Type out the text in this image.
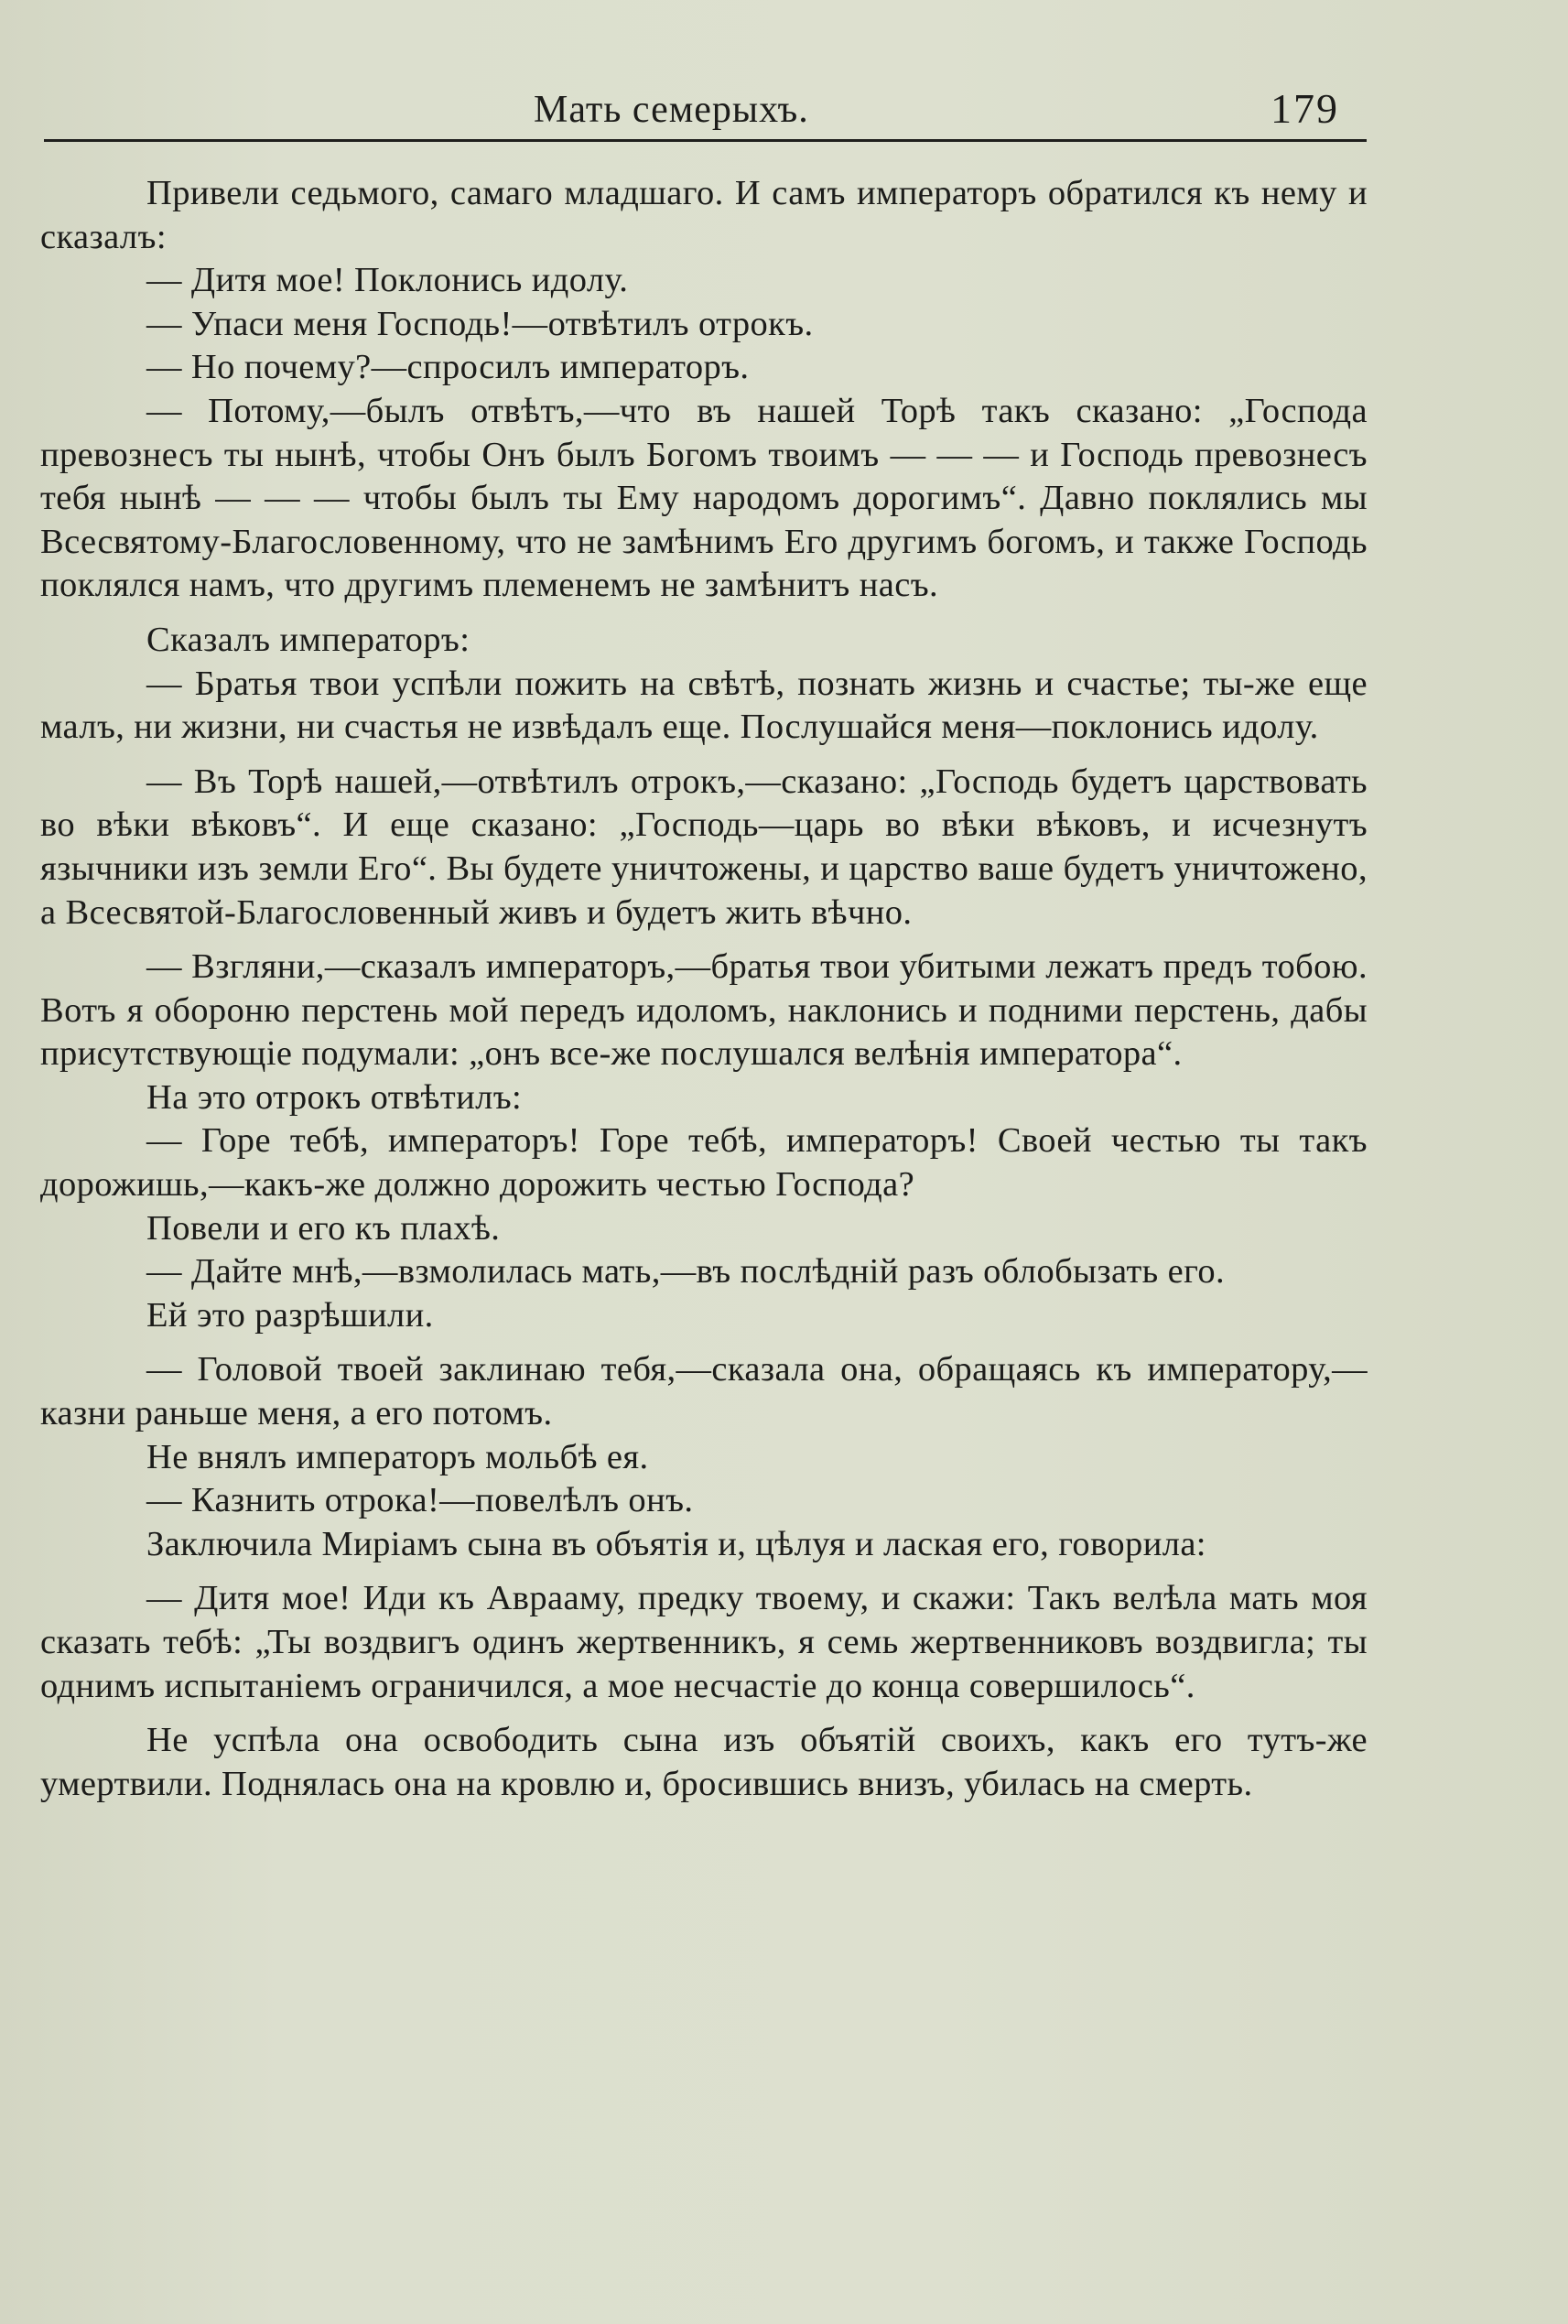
Мать семерыхъ.	179

Привели седьмого, самаго младшаго. И самъ императоръ обратился къ нему и сказалъ:

— Дитя мое! Поклонись идолу.

— Упаси меня Господь!—отвѣтилъ отрокъ.

— Но почему?—спросилъ императоръ.

— Потому,—былъ отвѣтъ,—что въ нашей Торѣ такъ сказано: „Господа превознесъ ты нынѣ, чтобы Онъ былъ Богомъ твоимъ — — — и Господь превознесъ тебя нынѣ — — — чтобы былъ ты Ему народомъ дорогимъ“. Давно поклялись мы Всесвятому-Благословенному, что не замѣнимъ Его другимъ богомъ, и также Господь поклялся намъ, что другимъ племенемъ не замѣнитъ насъ.

Сказалъ императоръ:

— Братья твои успѣли пожить на свѣтѣ, познать жизнь и счастье; ты-же еще малъ, ни жизни, ни счастья не извѣдалъ еще. Послушайся меня—поклонись идолу.

— Въ Торѣ нашей,—отвѣтилъ отрокъ,—сказано: „Господь будетъ царствовать во вѣки вѣковъ“. И еще сказано: „Господь—царь во вѣки вѣковъ, и исчезнутъ язычники изъ земли Его“. Вы будете уничтожены, и царство ваше будетъ уничтожено, а Всесвятой-Благословенный живъ и будетъ жить вѣчно.

— Взгляни,—сказалъ императоръ,—братья твои убитыми лежатъ предъ тобою. Вотъ я обороню перстень мой передъ идоломъ, наклонись и подними перстень, дабы присутствующіе подумали: „онъ все-же послушался велѣнія императора“.

На это отрокъ отвѣтилъ:

— Горе тебѣ, императоръ! Горе тебѣ, императоръ! Своей честью ты такъ дорожишь,—какъ-же должно дорожить честью Господа?

Повели и его къ плахѣ.

— Дайте мнѣ,—взмолилась мать,—въ послѣдній разъ облобызать его.

Ей это разрѣшили.

— Головой твоей заклинаю тебя,—сказала она, обращаясь къ императору,—казни раньше меня, а его потомъ.

Не внялъ императоръ мольбѣ ея.

— Казнить отрока!—повелѣлъ онъ.

Заключила Миріамъ сына въ объятія и, цѣлуя и лаская его, говорила:

— Дитя мое! Иди къ Аврааму, предку твоему, и скажи: Такъ велѣла мать моя сказать тебѣ: „Ты воздвигъ одинъ жертвенникъ, я семь жертвенниковъ воздвигла; ты однимъ испытаніемъ ограничился, а мое несчастіе до конца совершилось“.

Не успѣла она освободить сына изъ объятій своихъ, какъ его тутъ-же умертвили. Поднялась она на кровлю и, бросившись внизъ, убилась на смерть.
